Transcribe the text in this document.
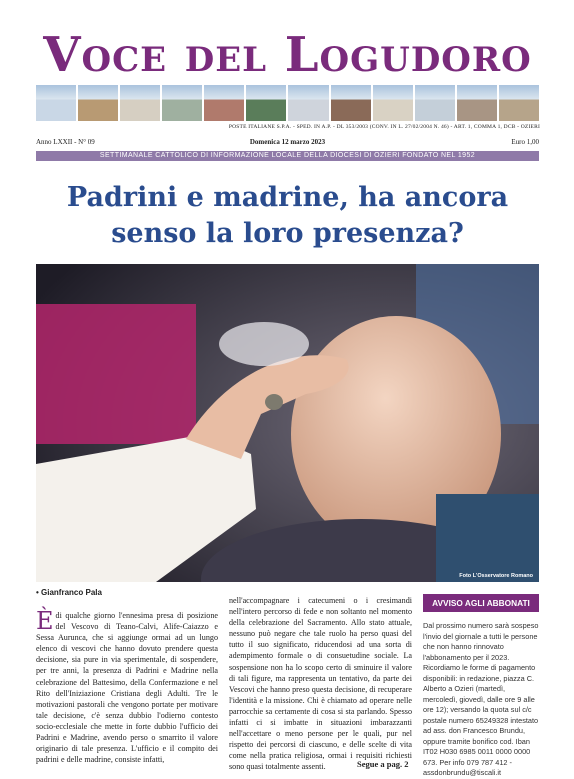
Voce del Logudoro
POSTE ITALIANE S.P.A. - SPED. IN A.P. - DL 353/2003 (CONV. IN L. 27/02/2004 N. 46) - ART. 1, COMMA 1, DCB - OZIERI
Anno LXXII - N° 09	Domenica 12 marzo 2023	Euro 1,00
SETTIMANALE CATTOLICO DI INFORMAZIONE LOCALE DELLA DIOCESI DI OZIERI FONDATO NEL 1952
Padrini e madrine, ha ancora senso la loro presenza?
Foto L'Osservatore Romano
• Gianfranco Pala
Èdi qualche giorno l'ennesima presa di posizione del Vescovo di Teano-Calvi, Alife-Caiazzo e Sessa Aurunca, che si aggiunge ormai ad un lungo elenco di vescovi che hanno dovuto prendere questa decisione, sia pure in via sperimentale, di sospendere, per tre anni, la presenza di Padrini e Madrine nella celebrazione del Battesimo, della Confermazione e nel Rito dell'Iniziazione Cristiana degli Adulti. Tre le motivazioni pastorali che vengono portate per motivare tale decisione, c'è senza dubbio l'odierno contesto socio-ecclesiale che mette in forte dubbio l'ufficio dei Padrini e Madrine, avendo perso o smarrito il valore originario di tale presenza. L'ufficio e il compito dei padrini e delle madrine, consiste infatti,
nell'accompagnare i catecumeni o i cresimandi nell'intero percorso di fede e non soltanto nel momento della celebrazione del Sacramento. Allo stato attuale, nessuno può negare che tale ruolo ha perso quasi del tutto il suo significato, riducendosi ad una sorta di adempimento formale o di consuetudine sociale. La sospensione non ha lo scopo certo di sminuire il valore di tali figure, ma rappresenta un tentativo, da parte dei Vescovi che hanno preso questa decisione, di recuperare l'identità e la missione. Chi è chiamato ad operare nelle parrocchie sa certamente di cosa si sta parlando. Spesso infatti ci si imbatte in situazioni imbarazzanti nell'accettare o meno persone per le quali, pur nel rispetto dei percorsi di ciascuno, e delle scelte di vita come nella pratica religiosa, ormai i requisiti richiesti sono quasi totalmente assenti.	Segue a pag. 2
AVVISO AGLI ABBONATI
Dal prossimo numero sarà sospeso l'invio del giornale a tutti le persone che non hanno rinnovato l'abbonamento per il 2023. Ricordiamo le forme di pagamento disponibili: in redazione, piazza C. Alberto a Ozieri (martedì, mercoledì, giovedì, dalle ore 9 alle ore 12); versando la quota sul c/c postale numero 65249328 intestato ad ass. don Francesco Brundu, oppure tramite bonifico cod. Iban IT02 H030 6985 0011 0000 0000 673. Per info 079 787 412 - assdonbrundu@tiscali.it
